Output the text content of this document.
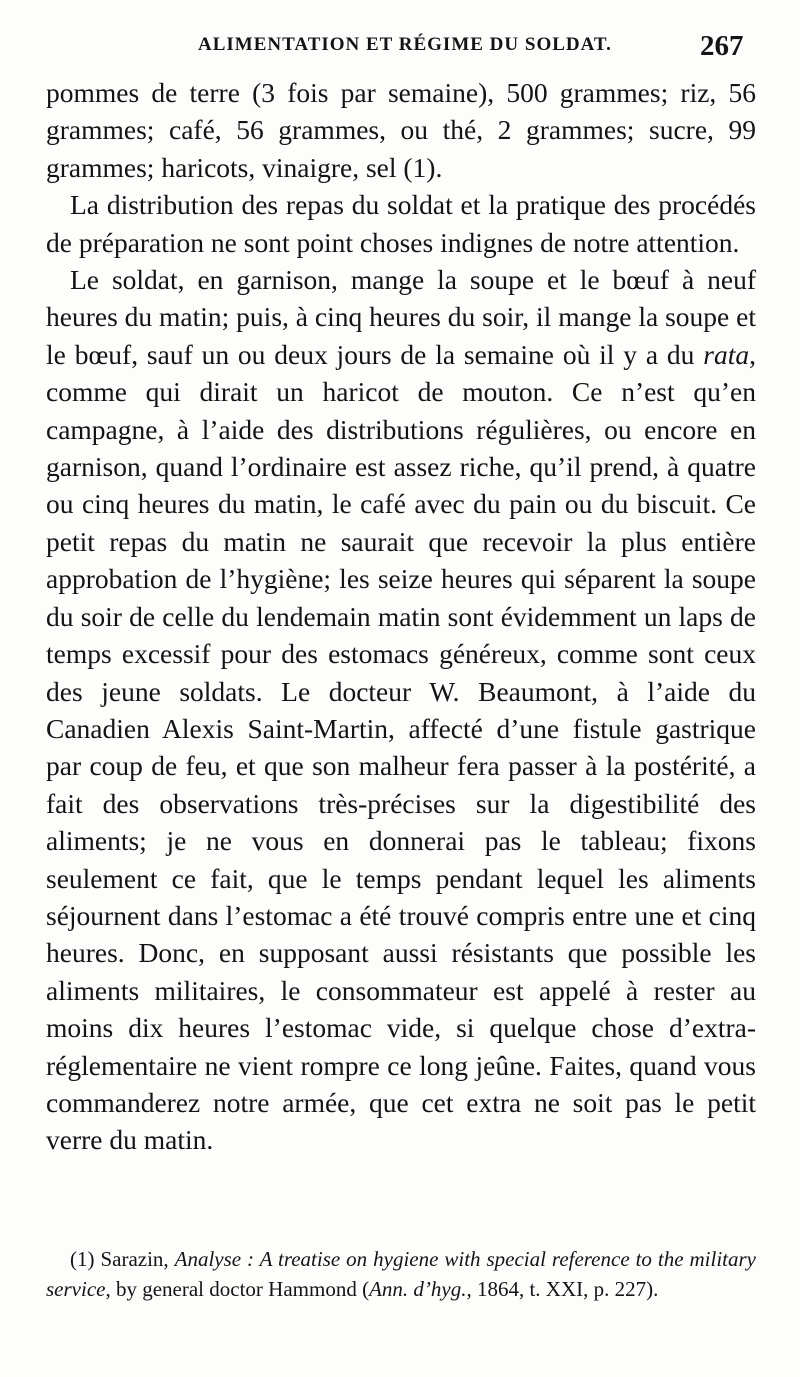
ALIMENTATION ET RÉGIME DU SOLDAT.	267

pommes de terre (3 fois par semaine), 500 grammes; riz, 56 grammes; café, 56 grammes, ou thé, 2 grammes; sucre, 99 grammes; haricots, vinaigre, sel (1).

La distribution des repas du soldat et la pratique des procédés de préparation ne sont point choses indignes de notre attention.

Le soldat, en garnison, mange la soupe et le bœuf à neuf heures du matin; puis, à cinq heures du soir, il mange la soupe et le bœuf, sauf un ou deux jours de la semaine où il y a du rata, comme qui dirait un haricot de mouton. Ce n’est qu’en campagne, à l’aide des distributions régulières, ou encore en garnison, quand l’ordinaire est assez riche, qu’il prend, à quatre ou cinq heures du matin, le café avec du pain ou du biscuit. Ce petit repas du matin ne saurait que recevoir la plus entière approbation de l’hygiène; les seize heures qui séparent la soupe du soir de celle du lendemain matin sont évidemment un laps de temps excessif pour des estomacs généreux, comme sont ceux des jeune soldats. Le docteur W. Beaumont, à l’aide du Canadien Alexis Saint-Martin, affecté d’une fistule gastrique par coup de feu, et que son malheur fera passer à la postérité, a fait des observations très-précises sur la digestibilité des aliments; je ne vous en donnerai pas le tableau; fixons seulement ce fait, que le temps pendant lequel les aliments séjournent dans l’estomac a été trouvé compris entre une et cinq heures. Donc, en supposant aussi résistants que possible les aliments militaires, le consommateur est appelé à rester au moins dix heures l’estomac vide, si quelque chose d’extra-réglementaire ne vient rompre ce long jeûne. Faites, quand vous commanderez notre armée, que cet extra ne soit pas le petit verre du matin.

(1) Sarazin, Analyse : A treatise on hygiene with special reference to the military service, by general doctor Hammond (Ann. d’hyg., 1864, t. XXI, p. 227).
